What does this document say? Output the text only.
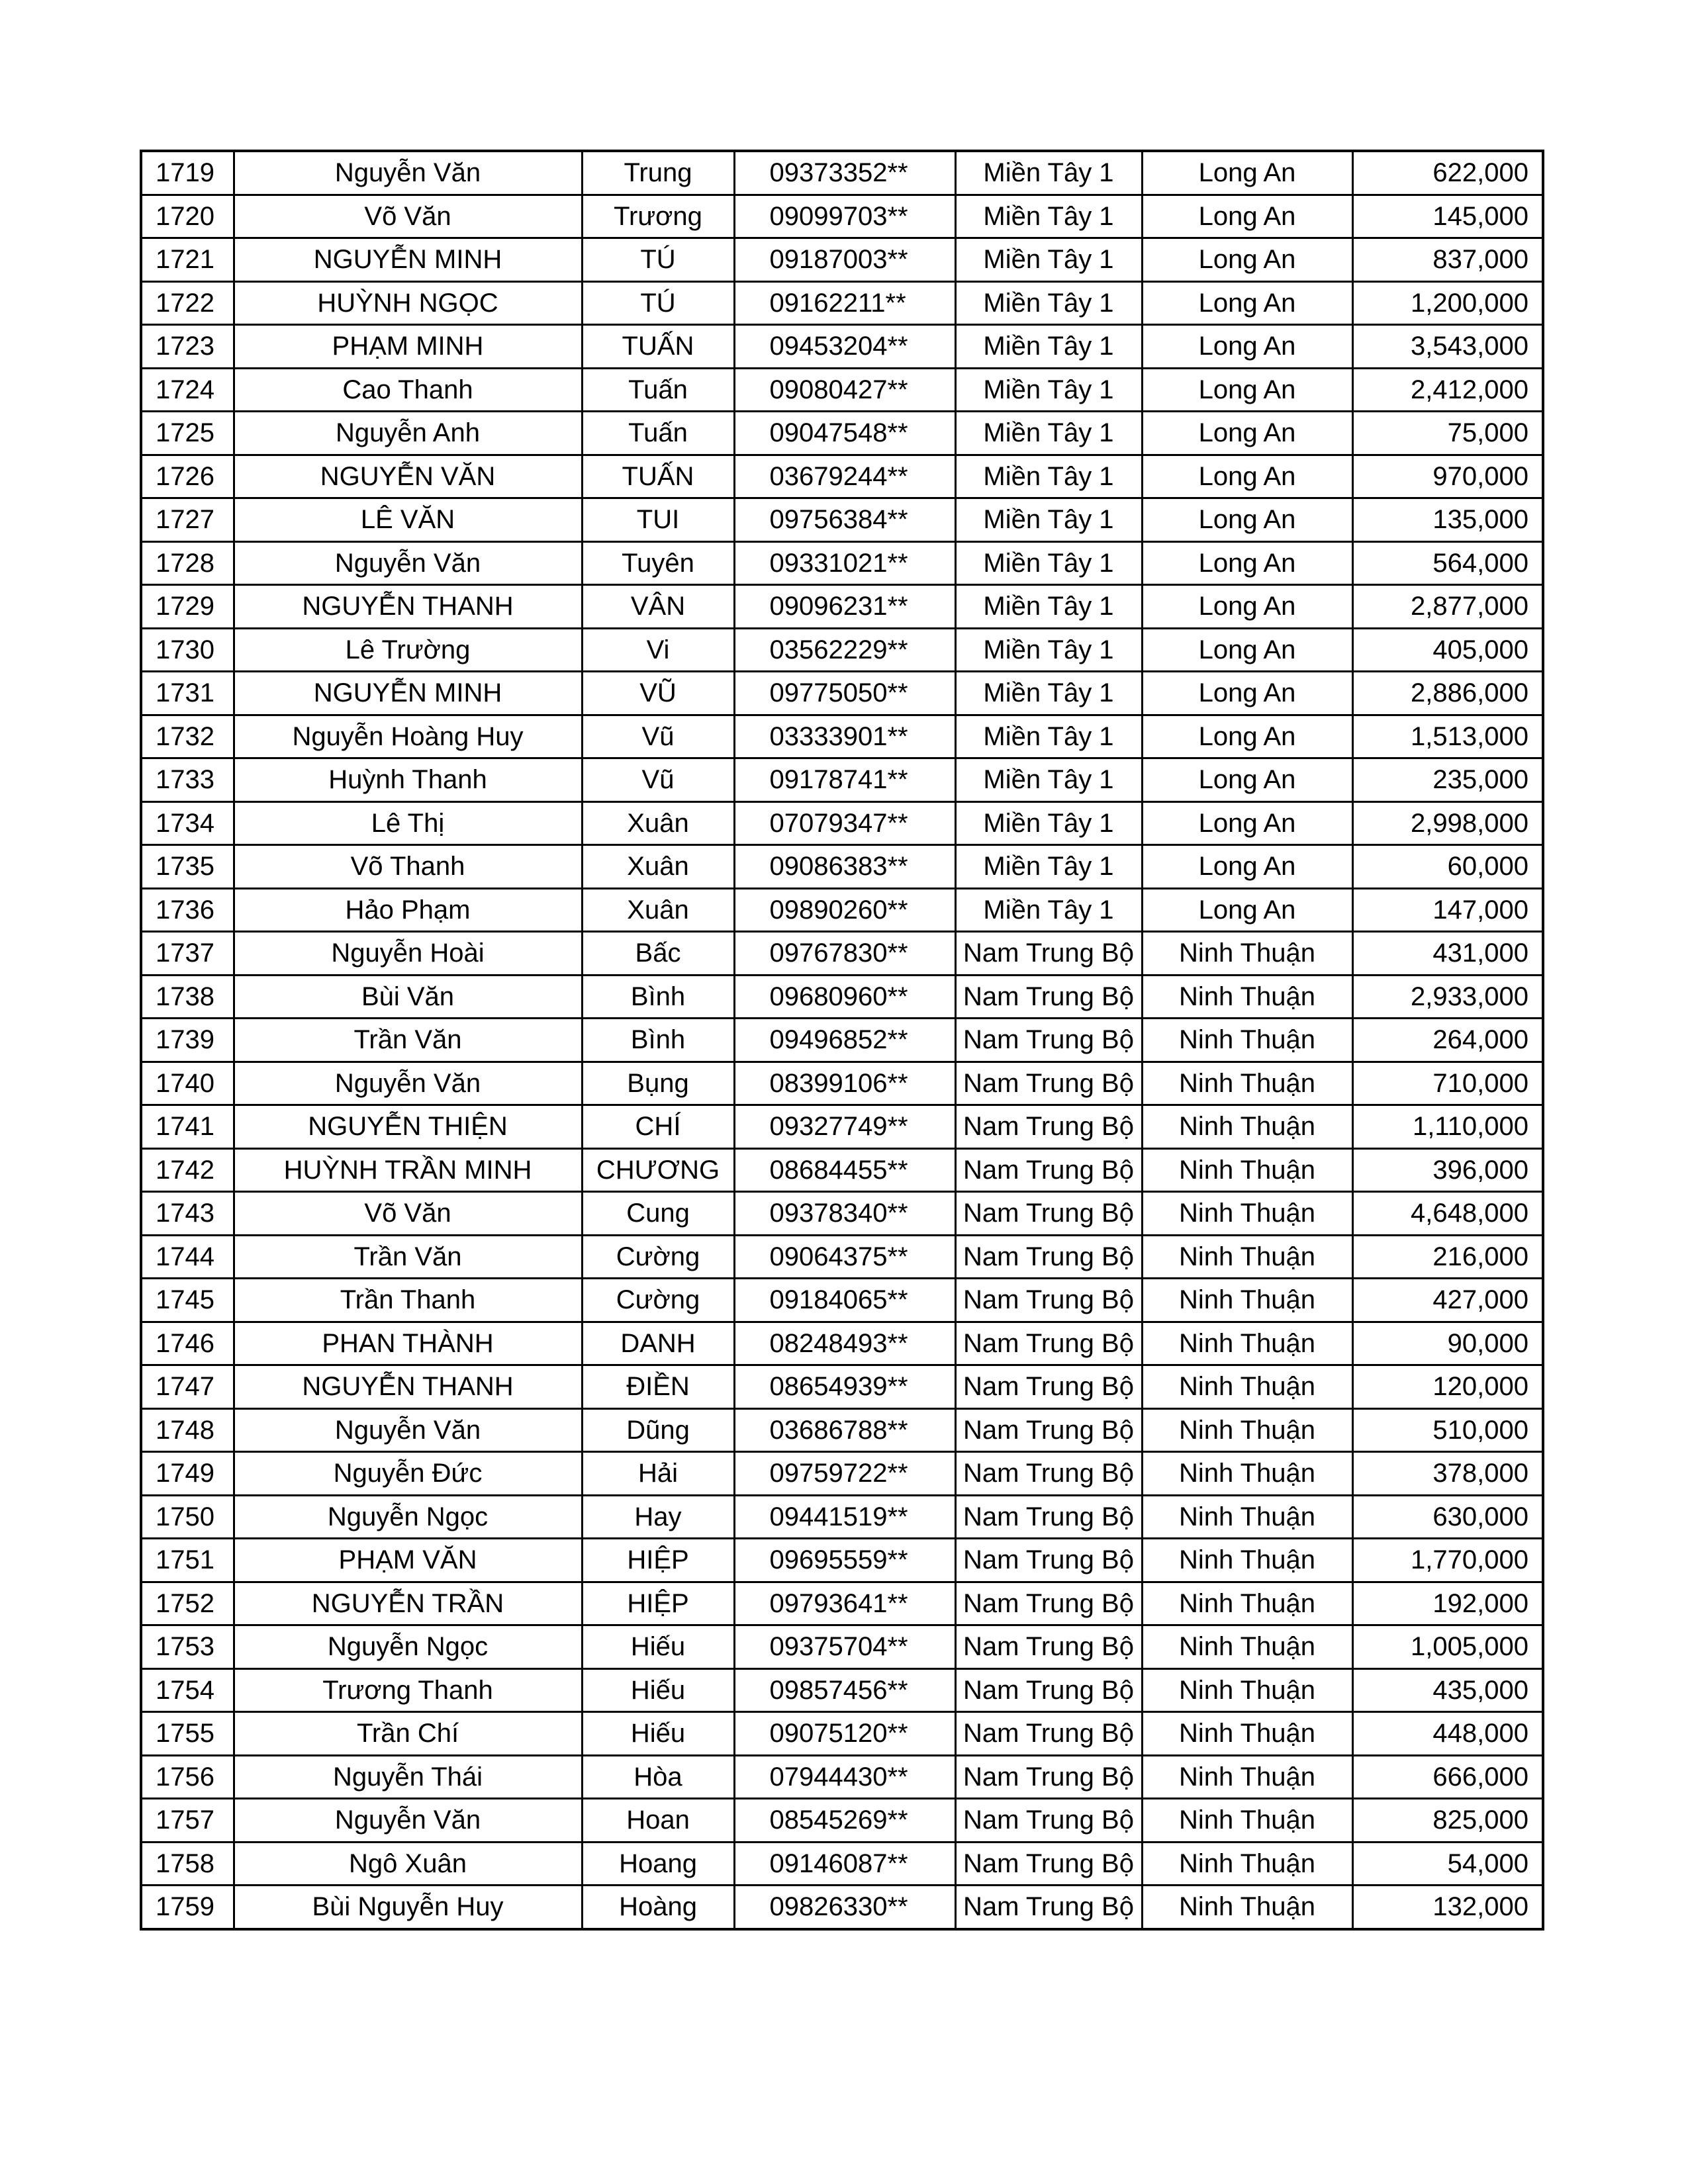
1719	Nguyễn Văn	Trung	09373352**	Miền Tây 1	Long An	622,000
1720	Võ Văn	Trương	09099703**	Miền Tây 1	Long An	145,000
1721	NGUYỄN MINH	TÚ	09187003**	Miền Tây 1	Long An	837,000
1722	HUỲNH NGỌC	TÚ	09162211**	Miền Tây 1	Long An	1,200,000
1723	PHẠM MINH	TUẤN	09453204**	Miền Tây 1	Long An	3,543,000
1724	Cao Thanh	Tuấn	09080427**	Miền Tây 1	Long An	2,412,000
1725	Nguyễn Anh	Tuấn	09047548**	Miền Tây 1	Long An	75,000
1726	NGUYỄN VĂN	TUẤN	03679244**	Miền Tây 1	Long An	970,000
1727	LÊ VĂN	TUI	09756384**	Miền Tây 1	Long An	135,000
1728	Nguyễn Văn	Tuyên	09331021**	Miền Tây 1	Long An	564,000
1729	NGUYỄN THANH	VÂN	09096231**	Miền Tây 1	Long An	2,877,000
1730	Lê Trường	Vi	03562229**	Miền Tây 1	Long An	405,000
1731	NGUYỄN MINH	VŨ	09775050**	Miền Tây 1	Long An	2,886,000
1732	Nguyễn Hoàng Huy	Vũ	03333901**	Miền Tây 1	Long An	1,513,000
1733	Huỳnh Thanh	Vũ	09178741**	Miền Tây 1	Long An	235,000
1734	Lê Thị	Xuân	07079347**	Miền Tây 1	Long An	2,998,000
1735	Võ Thanh	Xuân	09086383**	Miền Tây 1	Long An	60,000
1736	Hảo Phạm	Xuân	09890260**	Miền Tây 1	Long An	147,000
1737	Nguyễn Hoài	Bấc	09767830**	Nam Trung Bộ	Ninh Thuận	431,000
1738	Bùi Văn	Bình	09680960**	Nam Trung Bộ	Ninh Thuận	2,933,000
1739	Trần Văn	Bình	09496852**	Nam Trung Bộ	Ninh Thuận	264,000
1740	Nguyễn Văn	Bụng	08399106**	Nam Trung Bộ	Ninh Thuận	710,000
1741	NGUYỄN THIỆN	CHÍ	09327749**	Nam Trung Bộ	Ninh Thuận	1,110,000
1742	HUỲNH TRẦN MINH	CHƯƠNG	08684455**	Nam Trung Bộ	Ninh Thuận	396,000
1743	Võ Văn	Cung	09378340**	Nam Trung Bộ	Ninh Thuận	4,648,000
1744	Trần Văn	Cường	09064375**	Nam Trung Bộ	Ninh Thuận	216,000
1745	Trần Thanh	Cường	09184065**	Nam Trung Bộ	Ninh Thuận	427,000
1746	PHAN THÀNH	DANH	08248493**	Nam Trung Bộ	Ninh Thuận	90,000
1747	NGUYỄN THANH	ĐIỀN	08654939**	Nam Trung Bộ	Ninh Thuận	120,000
1748	Nguyễn Văn	Dũng	03686788**	Nam Trung Bộ	Ninh Thuận	510,000
1749	Nguyễn Đức	Hải	09759722**	Nam Trung Bộ	Ninh Thuận	378,000
1750	Nguyễn Ngọc	Hay	09441519**	Nam Trung Bộ	Ninh Thuận	630,000
1751	PHẠM VĂN	HIỆP	09695559**	Nam Trung Bộ	Ninh Thuận	1,770,000
1752	NGUYỄN TRẦN	HIỆP	09793641**	Nam Trung Bộ	Ninh Thuận	192,000
1753	Nguyễn Ngọc	Hiếu	09375704**	Nam Trung Bộ	Ninh Thuận	1,005,000
1754	Trương Thanh	Hiếu	09857456**	Nam Trung Bộ	Ninh Thuận	435,000
1755	Trần Chí	Hiếu	09075120**	Nam Trung Bộ	Ninh Thuận	448,000
1756	Nguyễn Thái	Hòa	07944430**	Nam Trung Bộ	Ninh Thuận	666,000
1757	Nguyễn Văn	Hoan	08545269**	Nam Trung Bộ	Ninh Thuận	825,000
1758	Ngô Xuân	Hoang	09146087**	Nam Trung Bộ	Ninh Thuận	54,000
1759	Bùi Nguyễn Huy	Hoàng	09826330**	Nam Trung Bộ	Ninh Thuận	132,000
